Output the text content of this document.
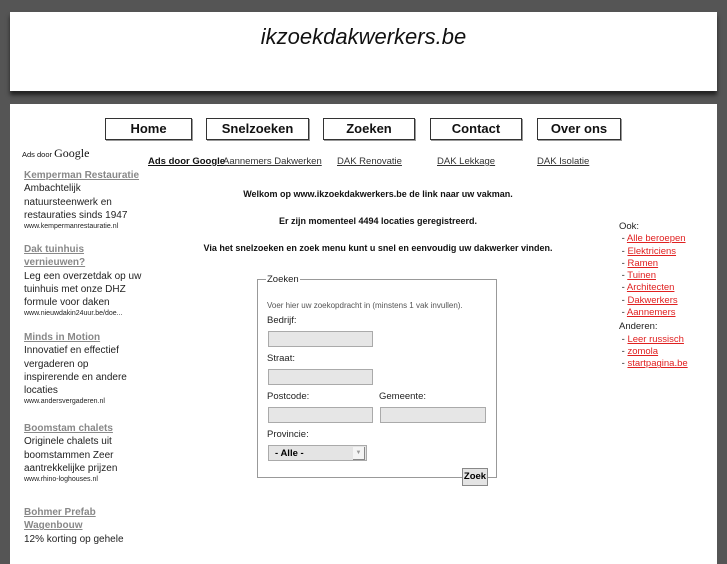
ikzoekdakwerkers.be
Home	Snelzoeken	Zoeken	Contact	Over ons
Ads door Google
Ads door Google
Aannemers Dakwerken DAK Renovatie	DAK Lekkage	DAK Isolatie
Welkom op www.ikzoekdakwerkers.be de link naar uw vakman.
Er zijn momenteel 4494 locaties geregistreerd.
Via het snelzoeken en zoek menu kunt u snel en eenvoudig uw dakwerker vinden.
Kemperman Restauratie
Ambachtelijk natuursteenwerk en restauraties sinds 1947
www.kempermanrestauratie.nl
Dak tuinhuis vernieuwen?
Leg een overzetdak op uw tuinhuis met onze DHZ formule voor daken
www.nieuwdakin24uur.be/doe...
Minds in Motion
Innovatief en effectief vergaderen op inspirerende en andere locaties
www.andersvergaderen.nl
Boomstam chalets
Originele chalets uit boomstammen Zeer aantrekkelijke prijzen
www.rhino-loghouses.nl
Bohmer Prefab Wagenbouw
12% korting op gehele
Zoeken
Voer hier uw zoekopdracht in (minstens 1 vak invullen).
Bedrijf:
Straat:
Postcode:	Gemeente:
Provincie:
- Alle -	▼
Zoek
Ook:
- Alle beroepen
- Elektriciens
- Ramen
- Tuinen
- Architecten
- Dakwerkers
- Aannemers
Anderen:
- Leer russisch
- zomola
- startpagina.be
